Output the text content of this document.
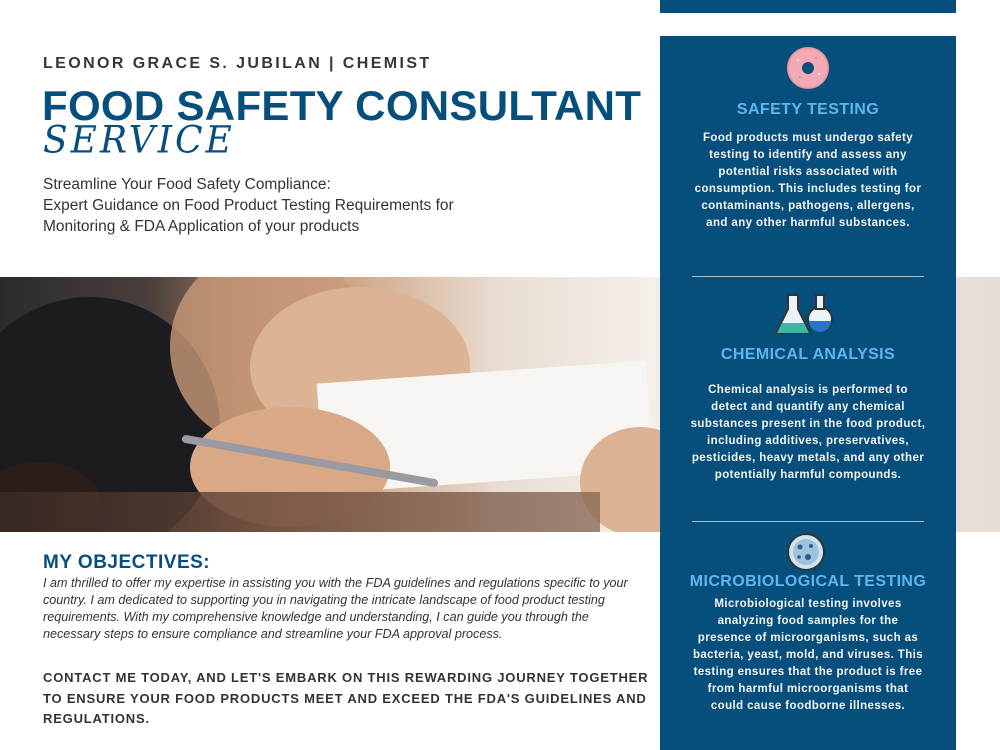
LEONOR GRACE S. JUBILAN | CHEMIST
FOOD SAFETY CONSULTANT
SERVICE
Streamline Your Food Safety Compliance:
Expert Guidance on Food Product Testing Requirements for
Monitoring & FDA Application of your products
MY OBJECTIVES:
I am thrilled to offer my expertise in assisting you with the FDA guidelines and regulations specific to your country. I am dedicated to supporting you in navigating the intricate landscape of food product testing requirements. With my comprehensive knowledge and understanding, I can guide you through the necessary steps to ensure compliance and streamline your FDA approval process.
CONTACT ME TODAY, AND LET'S EMBARK ON THIS REWARDING JOURNEY TOGETHER TO ENSURE YOUR FOOD PRODUCTS MEET AND EXCEED THE FDA'S GUIDELINES AND REGULATIONS.
SAFETY TESTING
Food products must undergo safety testing to identify and assess any potential risks associated with consumption. This includes testing for contaminants, pathogens, allergens, and any other harmful substances.
CHEMICAL ANALYSIS
Chemical analysis is performed to detect and quantify any chemical substances present in the food product, including additives, preservatives, pesticides, heavy metals, and any other potentially harmful compounds.
MICROBIOLOGICAL TESTING
Microbiological testing involves analyzing food samples for the presence of microorganisms, such as bacteria, yeast, mold, and viruses. This testing ensures that the product is free from harmful microorganisms that could cause foodborne illnesses.
